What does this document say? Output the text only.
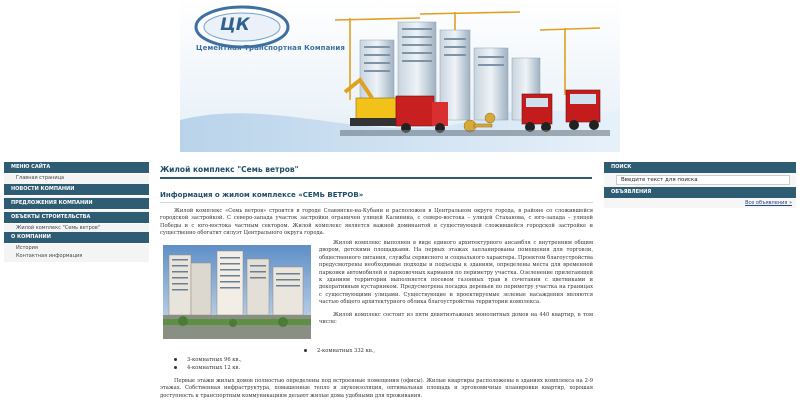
ЦК
Цементная Транспортная Компания
МЕНЮ САЙТА
Главная страница
НОВОСТИ КОМПАНИИ
ПРЕДЛОЖЕНИЯ КОМПАНИИ
ОБЪЕКТЫ СТРОИТЕЛЬСТВА
Жилой комплекс "Семь ветров"
О КОМПАНИИ
История
Контактная информация
ПОИСК
Введите текст для поиска
ОБЪЯВЛЕНИЯ
Все объявления »
Жилой комплекс "Семь ветров"
Информация о жилом комплексе «СЕМЬ ВЕТРОВ»

Жилой комплекс «Семь ветров» строится в городе Славянске-на-Кубани и расположен в Центральном округе города, в районе со сложившейся городской застройкой. С северо-запада участок застройки ограничен улицей Калинина, с северо-востока – улицей Стаханова, с юго-запада – улицей Победы и с юго-востока частным сектором. Жилой комплекс является важной доминантой в существующей сложившейся городской застройке и существенно обогатит силуэт Центрального округа города.

Жилой комплекс выполнен в виде единого архитектурного ансамбля с внутренним общим двором, детскими площадками. На первых этажах запланированы помещения для торговли, общественного питания, службы сервисного и социального характера. Проектом благоустройства предусмотрены необходимые подходы и подъезды к зданиям, определены места для временной парковки автомобилей и парковочных карманов по периметру участка. Озеленение прилегающей к зданиям территории выполняется посевом газонных трав в сочетании с цветниками и декоративным кустарником. Предусмотрена посадка деревьев по периметру участка на границах с существующими улицами. Существующие и проектируемые зеленые насаждения являются частью общего архитектурного облика благоустройства территории комплекса.

Жилой комплекс состоит из пяти девятиэтажных монолитных домов на 440 квартир, в том числе:

2-комнатных 332 кв.,
3-комнатных 96 кв.,
4-комнатных 12 кв.

Первые этажи жилых домов полностью определены под встроенные помещения (офисы). Жилые квартиры расположены в зданиях комплекса на 2-9 этажах. Собственная инфраструктура, повышенные тепло и звукоизоляция, оптимальная площадь и эргономичные планировки квартир, хорошая доступность к транспортным коммуникациям делают жилые дома удобными для проживания.
